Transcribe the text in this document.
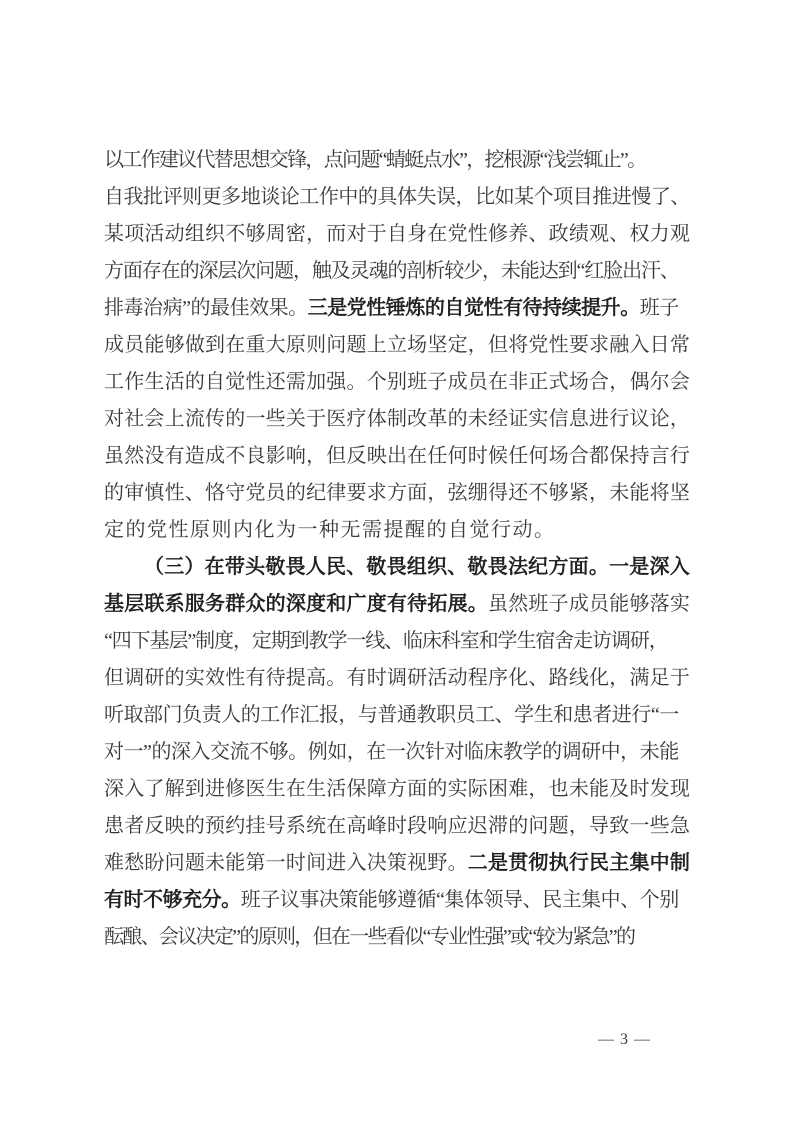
以工作建议代替思想交锋，点问题“蜻蜓点水”，挖根源“浅尝辄止”。
自我批评则更多地谈论工作中的具体失误，比如某个项目推进慢了、
某项活动组织不够周密，而对于自身在党性修养、政绩观、权力观
方面存在的深层次问题，触及灵魂的剖析较少，未能达到“红脸出汗、
排毒治病”的最佳效果。三是党性锤炼的自觉性有待持续提升。班子
成员能够做到在重大原则问题上立场坚定，但将党性要求融入日常
工作生活的自觉性还需加强。个别班子成员在非正式场合，偶尔会
对社会上流传的一些关于医疗体制改革的未经证实信息进行议论，
虽然没有造成不良影响，但反映出在任何时候任何场合都保持言行
的审慎性、恪守党员的纪律要求方面，弦绷得还不够紧，未能将坚
定的党性原则内化为一种无需提醒的自觉行动。
（三）在带头敬畏人民、敬畏组织、敬畏法纪方面。一是深入
基层联系服务群众的深度和广度有待拓展。虽然班子成员能够落实
“四下基层”制度，定期到教学一线、临床科室和学生宿舍走访调研，
但调研的实效性有待提高。有时调研活动程序化、路线化，满足于
听取部门负责人的工作汇报，与普通教职员工、学生和患者进行“一
对一”的深入交流不够。例如，在一次针对临床教学的调研中，未能
深入了解到进修医生在生活保障方面的实际困难，也未能及时发现
患者反映的预约挂号系统在高峰时段响应迟滞的问题，导致一些急
难愁盼问题未能第一时间进入决策视野。二是贯彻执行民主集中制
有时不够充分。班子议事决策能够遵循“集体领导、民主集中、个别
酝酿、会议决定”的原则，但在一些看似“专业性强”或“较为紧急”的
— 3 —
